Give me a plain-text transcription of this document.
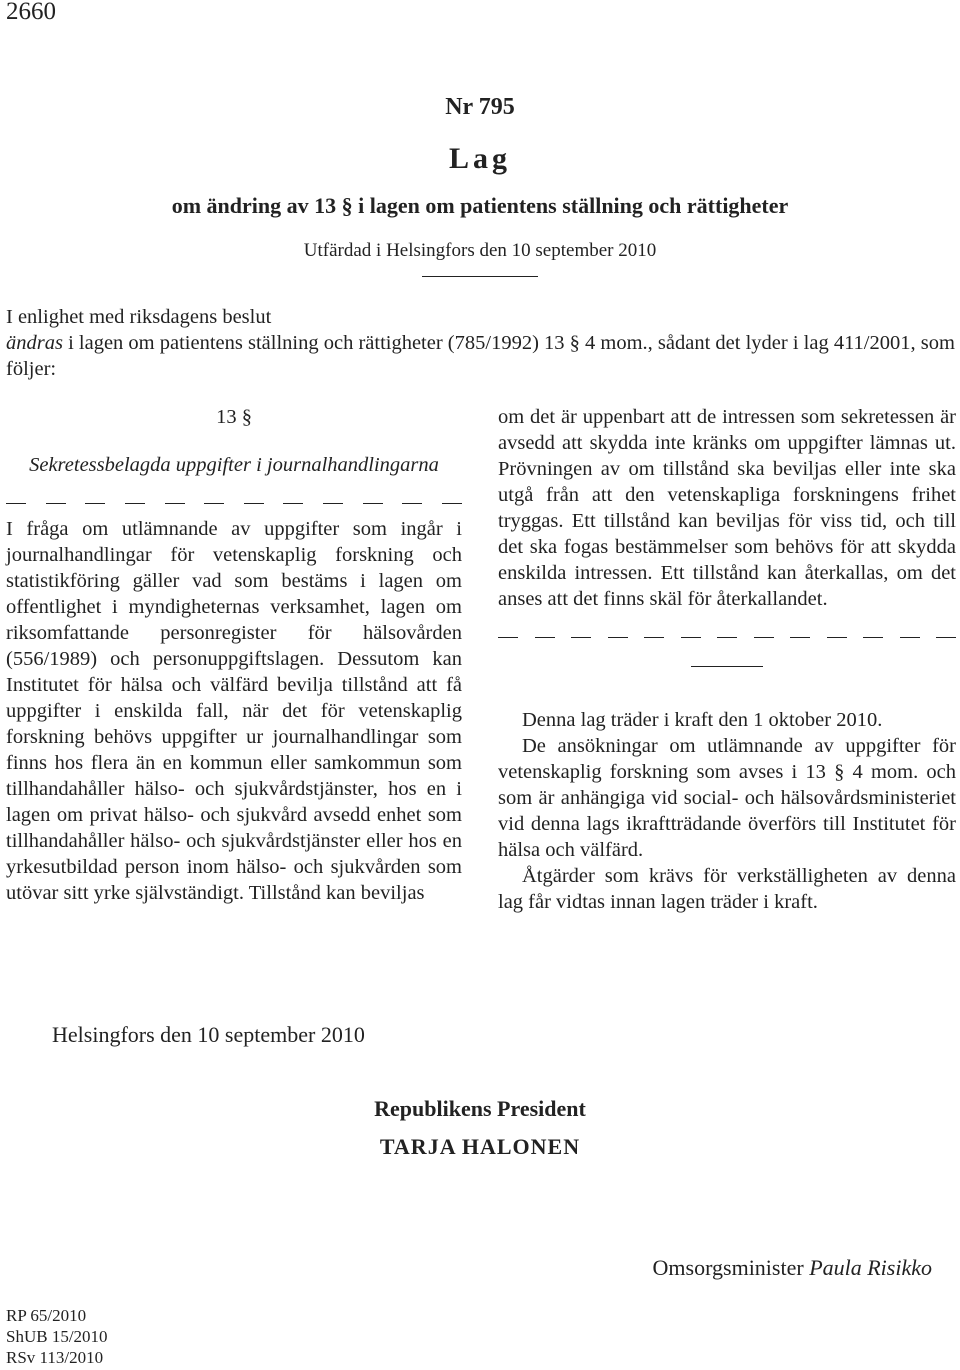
2660
Nr 795
Lag
om ändring av 13 § i lagen om patientens ställning och rättigheter
Utfärdad i Helsingfors den 10 september 2010
I enlighet med riksdagens beslut
ändras i lagen om patientens ställning och rättigheter (785/1992) 13 § 4 mom., sådant det lyder i lag 411/2001, som följer:
13 §
Sekretessbelagda uppgifter i journalhandlingarna

I fråga om utlämnande av uppgifter som ingår i journalhandlingar för vetenskaplig forskning och statistikföring gäller vad som bestäms i lagen om offentlighet i myndigheternas verksamhet, lagen om riksomfattande personregister för hälsovården (556/1989) och personuppgiftslagen. Dessutom kan Institutet för hälsa och välfärd bevilja tillstånd att få uppgifter i enskilda fall, när det för vetenskaplig forskning behövs uppgifter ur journalhandlingar som finns hos flera än en kommun eller samkommun som tillhandahåller hälso- och sjukvårdstjänster, hos en i lagen om privat hälso- och sjukvård avsedd enhet som tillhandahåller hälso- och sjukvårdstjänster eller hos en yrkesutbildad person inom hälso- och sjukvården som utövar sitt yrke självständigt. Tillstånd kan beviljas

om det är uppenbart att de intressen som sekretessen är avsedd att skydda inte kränks om uppgifter lämnas ut. Prövningen av om tillstånd ska beviljas eller inte ska utgå från att den vetenskapliga forskningens frihet tryggas. Ett tillstånd kan beviljas för viss tid, och till det ska fogas bestämmelser som behövs för att skydda enskilda intressen. Ett tillstånd kan återkallas, om det anses att det finns skäl för återkallandet.

Denna lag träder i kraft den 1 oktober 2010.

De ansökningar om utlämnande av uppgifter för vetenskaplig forskning som avses i 13 § 4 mom. och som är anhängiga vid social- och hälsovårdsministeriet vid denna lags ikraftträdande överförs till Institutet för hälsa och välfärd.

Åtgärder som krävs för verkställigheten av denna lag får vidtas innan lagen träder i kraft.

Helsingfors den 10 september 2010
Republikens President
TARJA HALONEN
Omsorgsminister Paula Risikko
RP 65/2010
ShUB 15/2010
RSv 113/2010
